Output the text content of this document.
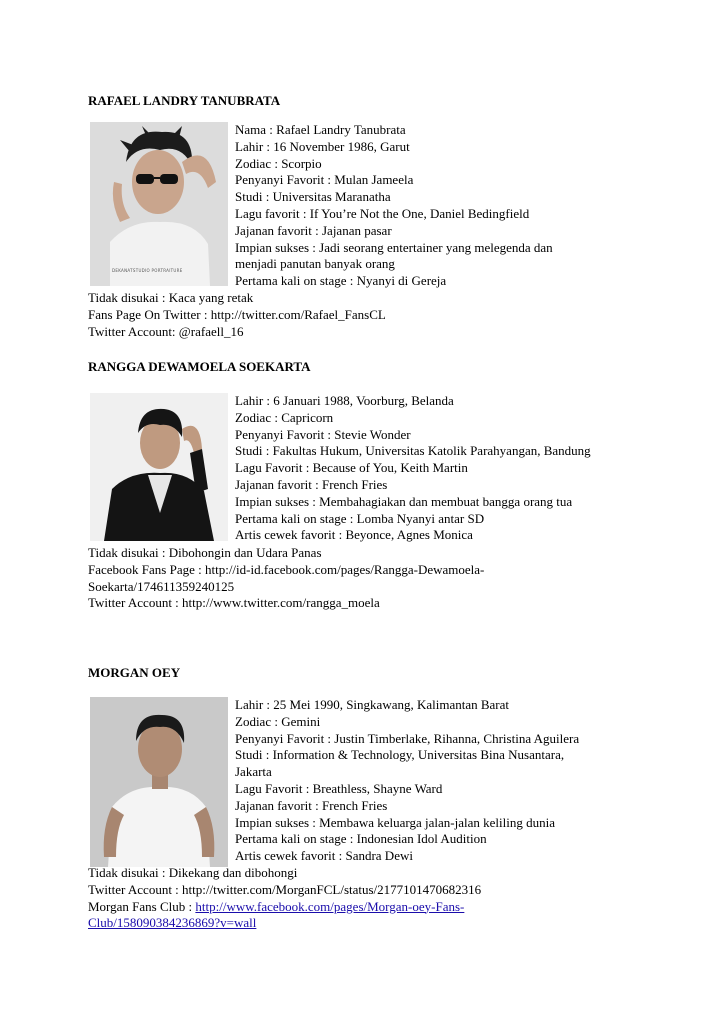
RAFAEL LANDRY TANUBRATA
DEKANATSTUDIO PORTRAITURE
Nama : Rafael Landry Tanubrata
Lahir : 16 November 1986, Garut
Zodiac : Scorpio
Penyanyi Favorit : Mulan Jameela
Studi : Universitas Maranatha
Lagu favorit : If You’re Not the One, Daniel Bedingfield
Jajanan favorit : Jajanan pasar
Impian sukses : Jadi seorang entertainer yang melegenda dan
menjadi panutan banyak orang
Pertama kali on stage : Nyanyi di Gereja
Tidak disukai : Kaca yang retak
Fans Page On Twitter : http://twitter.com/Rafael_FansCL
Twitter Account: @rafaell_16
RANGGA DEWAMOELA SOEKARTA
Lahir : 6 Januari 1988, Voorburg, Belanda
Zodiac : Capricorn
Penyanyi Favorit : Stevie Wonder
Studi : Fakultas Hukum, Universitas Katolik Parahyangan, Bandung
Lagu Favorit : Because of You, Keith Martin
Jajanan favorit : French Fries
Impian sukses : Membahagiakan dan membuat bangga orang tua
Pertama kali on stage : Lomba Nyanyi antar SD
Artis cewek favorit : Beyonce, Agnes Monica
Tidak disukai : Dibohongin dan Udara Panas
Facebook Fans Page : http://id-id.facebook.com/pages/Rangga-Dewamoela-
Soekarta/174611359240125
Twitter Account : http://www.twitter.com/rangga_moela
MORGAN OEY
Lahir : 25 Mei 1990, Singkawang, Kalimantan Barat
Zodiac : Gemini
Penyanyi Favorit : Justin Timberlake, Rihanna, Christina Aguilera
Studi : Information & Technology, Universitas Bina Nusantara,
Jakarta
Lagu Favorit : Breathless, Shayne Ward
Jajanan favorit : French Fries
Impian sukses : Membawa keluarga jalan-jalan keliling dunia
Pertama kali on stage : Indonesian Idol Audition
Artis cewek favorit : Sandra Dewi
Tidak disukai : Dikekang dan dibohongi
Twitter Account : http://twitter.com/MorganFCL/status/2177101470682316
Morgan Fans Club : http://www.facebook.com/pages/Morgan-oey-Fans-
Club/158090384236869?v=wall
